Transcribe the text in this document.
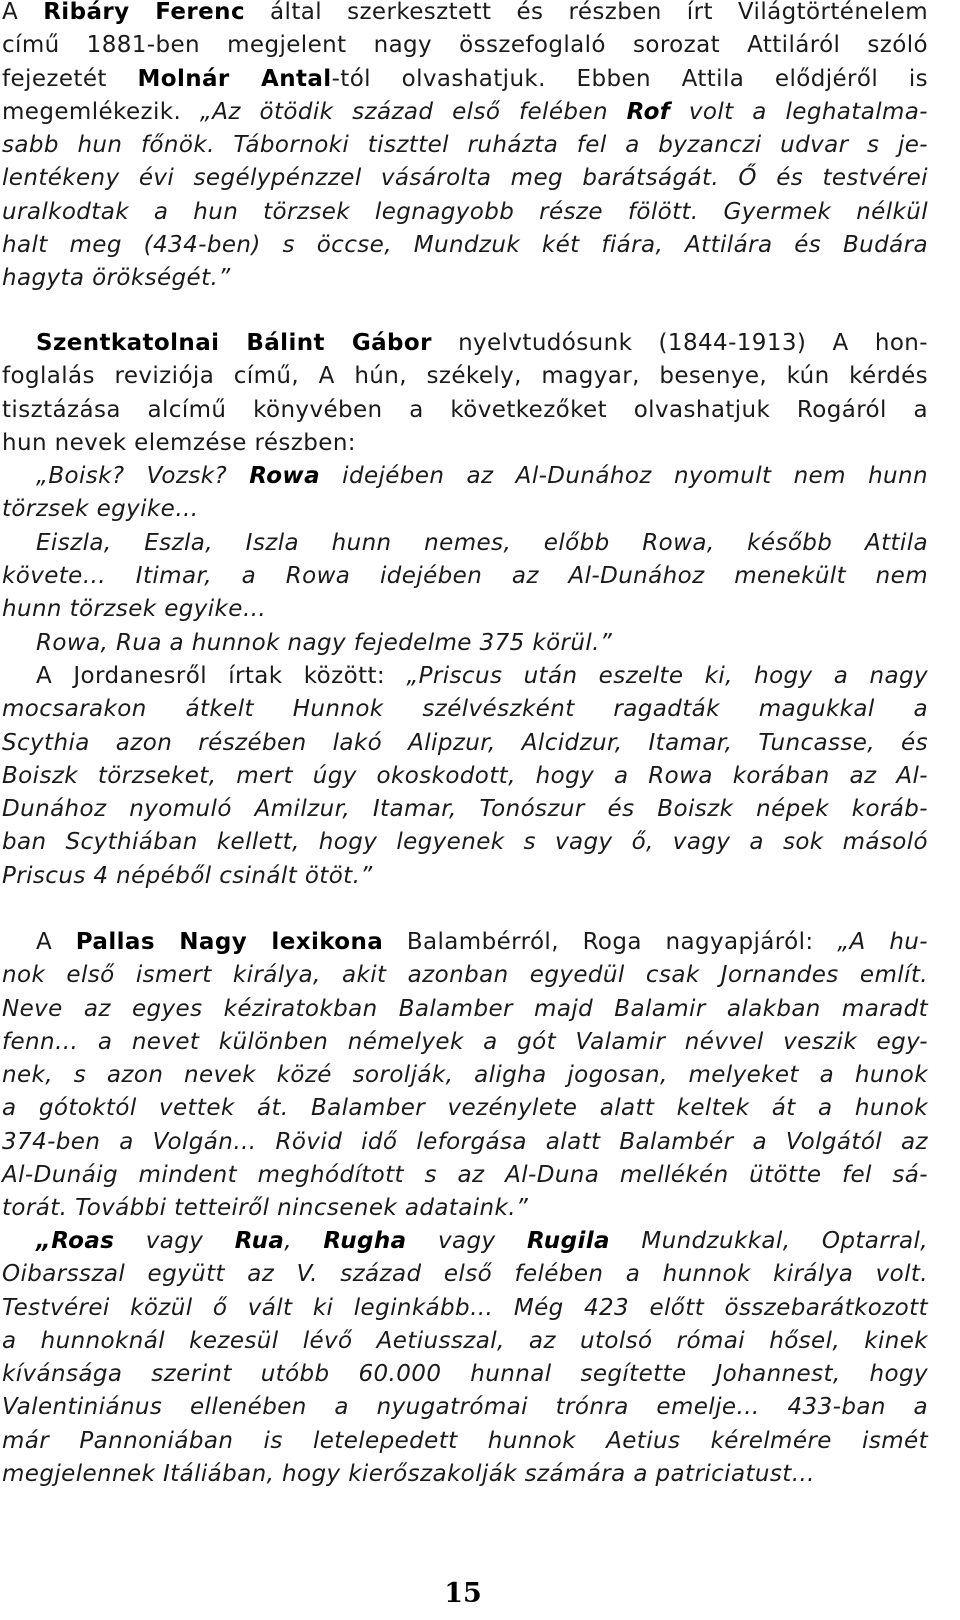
A Ribáry Ferenc által szerkesztett és részben írt Világtörténelem
című 1881-ben megjelent nagy összefoglaló sorozat Attiláról szóló
fejezetét Molnár Antal-tól olvashatjuk. Ebben Attila elődjéről is
megemlékezik. „Az ötödik század első felében Rof volt a leghatalma-
sabb hun főnök. Tábornoki tiszttel ruházta fel a byzanczi udvar s je-
lentékeny évi segélypénzzel vásárolta meg barátságát. Ő és testvérei
uralkodtak a hun törzsek legnagyobb része fölött. Gyermek nélkül
halt meg (434-ben) s öccse, Mundzuk két fiára, Attilára és Budára
hagyta örökségét.”
Szentkatolnai Bálint Gábor nyelvtudósunk (1844-1913) A hon-
foglalás reviziója című, A hún, székely, magyar, besenye, kún kérdés
tisztázása alcímű könyvében a következőket olvashatjuk Rogáról a
hun nevek elemzése részben:
„Boisk? Vozsk? Rowa idejében az Al-Dunához nyomult nem hunn
törzsek egyike…
Eiszla, Eszla, Iszla hunn nemes, előbb Rowa, később Attila
követe… Itimar, a Rowa idejében az Al-Dunához menekült nem
hunn törzsek egyike…
Rowa, Rua a hunnok nagy fejedelme 375 körül.”
A Jordanesről írtak között: „Priscus után eszelte ki, hogy a nagy
mocsarakon átkelt Hunnok szélvészként ragadták magukkal a
Scythia azon részében lakó Alipzur, Alcidzur, Itamar, Tuncasse, és
Boiszk törzseket, mert úgy okoskodott, hogy a Rowa korában az Al-
Dunához nyomuló Amilzur, Itamar, Tonószur és Boiszk népek koráb-
ban Scythiában kellett, hogy legyenek s vagy ő, vagy a sok másoló
Priscus 4 népéből csinált ötöt.”
A Pallas Nagy lexikona Balambérról, Roga nagyapjáról: „A hu-
nok első ismert királya, akit azonban egyedül csak Jornandes említ.
Neve az egyes kéziratokban Balamber majd Balamir alakban maradt
fenn… a nevet különben némelyek a gót Valamir névvel veszik egy-
nek, s azon nevek közé sorolják, aligha jogosan, melyeket a hunok
a gótoktól vettek át. Balamber vezénylete alatt keltek át a hunok
374-ben a Volgán… Rövid idő leforgása alatt Balambér a Volgától az
Al-Dunáig mindent meghódított s az Al-Duna mellékén ütötte fel sá-
torát. További tetteiről nincsenek adataink.”
„Roas vagy Rua, Rugha vagy Rugila Mundzukkal, Optarral,
Oibarsszal együtt az V. század első felében a hunnok királya volt.
Testvérei közül ő vált ki leginkább… Még 423 előtt összebarátkozott
a hunnoknál kezesül lévő Aetiusszal, az utolsó római hősel, kinek
kívánsága szerint utóbb 60.000 hunnal segítette Johannest, hogy
Valentiniánus ellenében a nyugatrómai trónra emelje… 433-ban a
már Pannoniában is letelepedett hunnok Aetius kérelmére ismét
megjelennek Itáliában, hogy kierőszakolják számára a patriciatust…
15
